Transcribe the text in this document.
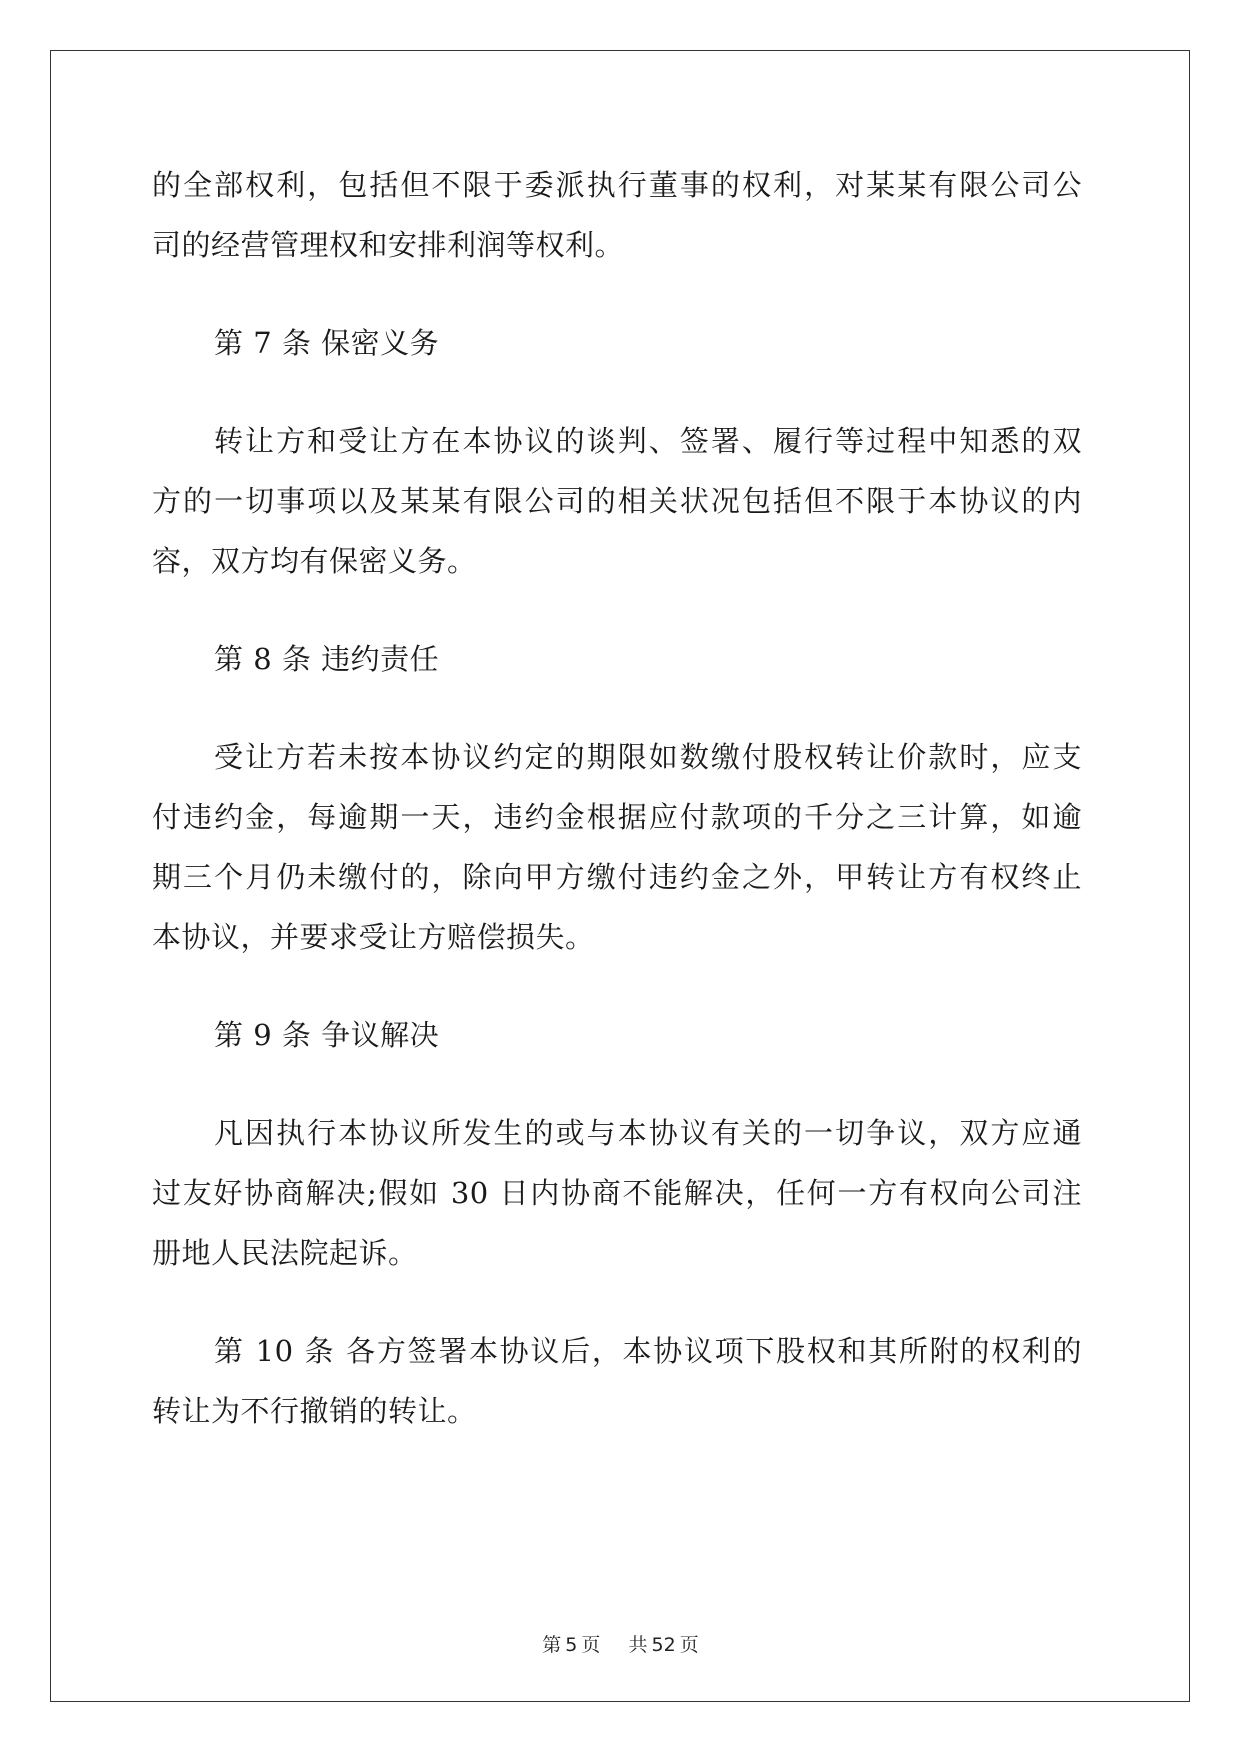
的全部权利，包括但不限于委派执行董事的权利，对某某有限公司公
司的经营管理权和安排利润等权利。
第 7 条 保密义务
转让方和受让方在本协议的谈判、签署、履行等过程中知悉的双
方的一切事项以及某某有限公司的相关状况包括但不限于本协议的内
容，双方均有保密义务。
第 8 条 违约责任
受让方若未按本协议约定的期限如数缴付股权转让价款时，应支
付违约金，每逾期一天，违约金根据应付款项的千分之三计算，如逾
期三个月仍未缴付的，除向甲方缴付违约金之外，甲转让方有权终止
本协议，并要求受让方赔偿损失。
第 9 条 争议解决
凡因执行本协议所发生的或与本协议有关的一切争议，双方应通
过友好协商解决;假如 30 日内协商不能解决，任何一方有权向公司注
册地人民法院起诉。
第 10 条 各方签署本协议后，本协议项下股权和其所附的权利的
转让为不行撤销的转让。
第 5 页 共 52 页
